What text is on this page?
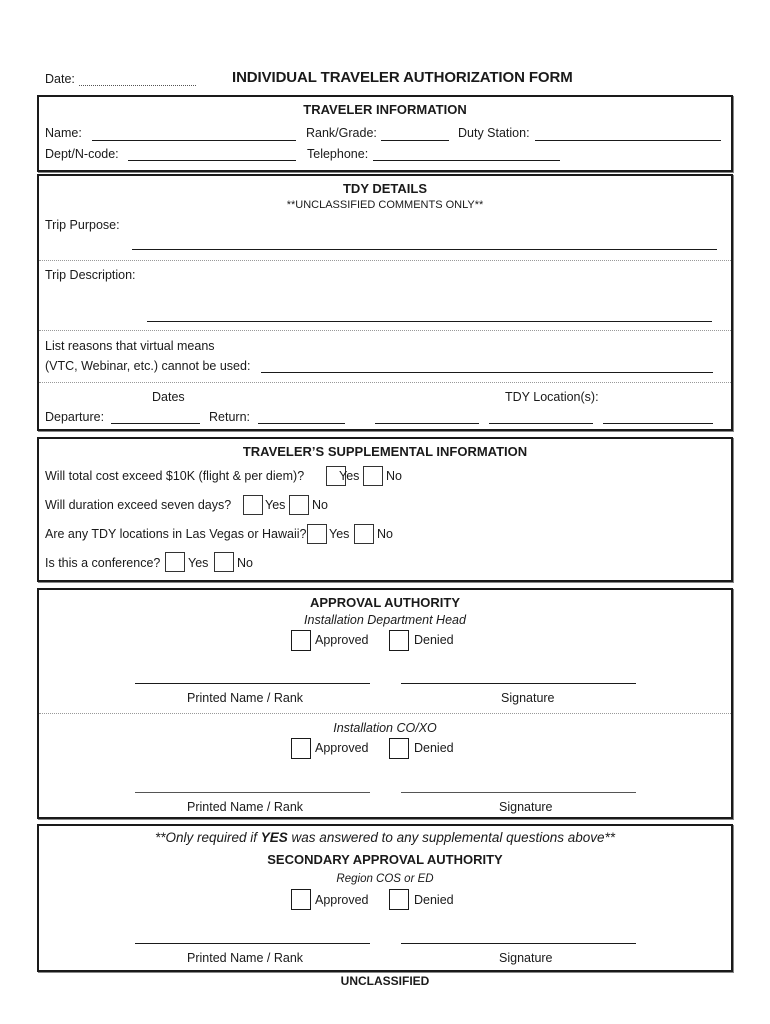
Date:	INDIVIDUAL TRAVELER AUTHORIZATION FORM
TRAVELER INFORMATION
Name:	Rank/Grade:	Duty Station:
Dept/N-code:	Telephone:
TDY DETAILS
**UNCLASSIFIED COMMENTS ONLY**
Trip Purpose:
Trip Description:
List reasons that virtual means
(VTC, Webinar, etc.) cannot be used:
Dates	TDY Location(s):
Departure:	Return:
TRAVELER’S SUPPLEMENTAL INFORMATION
Will total cost exceed $10K (flight & per diem)?	Yes No
Will duration exceed seven days?	Yes No
Are any TDY locations in Las Vegas or Hawaii? Yes No
Is this a conference? Yes No
APPROVAL AUTHORITY
Installation Department Head
Approved	Denied
Printed Name / Rank	Signature
Installation CO/XO
Approved	Denied
Printed Name / Rank	Signature
**Only required if YES was answered to any supplemental questions above**
SECONDARY APPROVAL AUTHORITY
Region COS or ED
Approved	Denied
Printed Name / Rank	Signature
UNCLASSIFIED
